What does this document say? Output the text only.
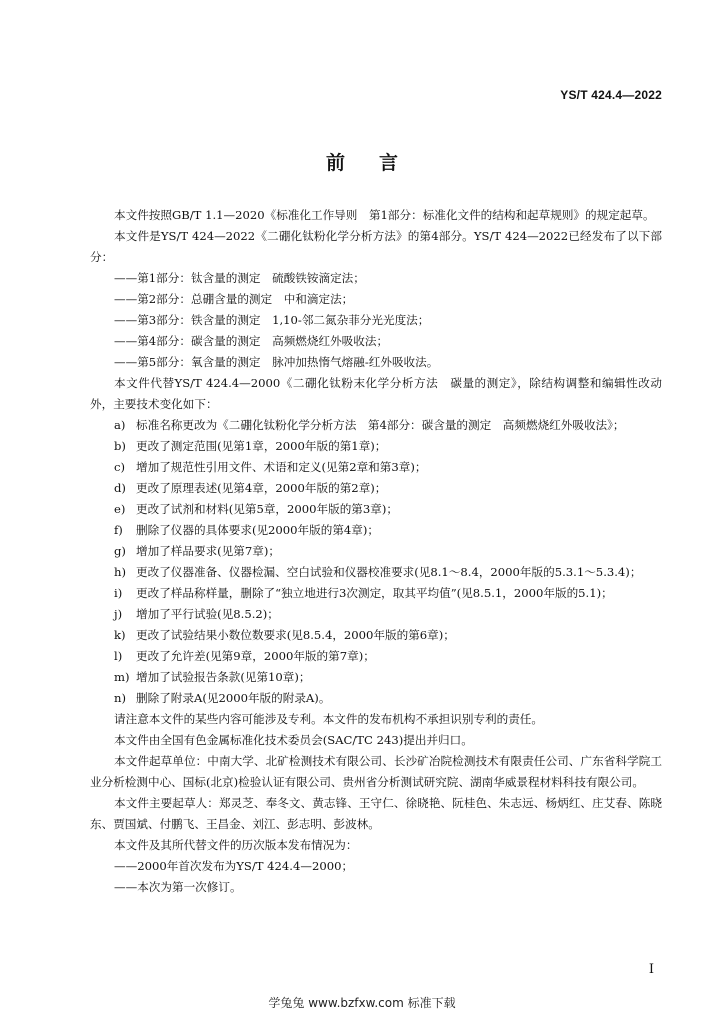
YS/T 424.4—2022
前言

本文件按照GB/T 1.1—2020《标准化工作导则　第1部分：标准化文件的结构和起草规则》的规定起草。

本文件是YS/T 424—2022《二硼化钛粉化学分析方法》的第4部分。YS/T 424—2022已经发布了以下部分：

——第1部分：钛含量的测定　硫酸铁铵滴定法；

——第2部分：总硼含量的测定　中和滴定法；

——第3部分：铁含量的测定　1,10-邻二氮杂菲分光光度法；

——第4部分：碳含量的测定　高频燃烧红外吸收法；

——第5部分：氧含量的测定　脉冲加热惰气熔融-红外吸收法。

本文件代替YS/T 424.4—2000《二硼化钛粉末化学分析方法　碳量的测定》，除结构调整和编辑性改动外，主要技术变化如下：

a) 标准名称更改为《二硼化钛粉化学分析方法　第4部分：碳含量的测定　高频燃烧红外吸收法》；
b) 更改了测定范围(见第1章，2000年版的第1章)；
c) 增加了规范性引用文件、术语和定义(见第2章和第3章)；
d) 更改了原理表述(见第4章，2000年版的第2章)；
e) 更改了试剂和材料(见第5章，2000年版的第3章)；
f)	删除了仪器的具体要求(见2000年版的第4章)；
g) 增加了样品要求(见第7章)；
h) 更改了仪器准备、仪器检漏、空白试验和仪器校准要求(见8.1～8.4，2000年版的5.3.1～5.3.4)；
i)	更改了样品称样量，删除了“独立地进行3次测定，取其平均值”(见8.5.1，2000年版的5.1)；
j)	增加了平行试验(见8.5.2)；
k) 更改了试验结果小数位数要求(见8.5.4，2000年版的第6章)；
l)	更改了允许差(见第9章，2000年版的第7章)；
m) 增加了试验报告条款(见第10章)；
n) 删除了附录A(见2000年版的附录A)。

请注意本文件的某些内容可能涉及专利。本文件的发布机构不承担识别专利的责任。

本文件由全国有色金属标准化技术委员会(SAC/TC 243)提出并归口。

本文件起草单位：中南大学、北矿检测技术有限公司、长沙矿冶院检测技术有限责任公司、广东省科学院工业分析检测中心、国标(北京)检验认证有限公司、贵州省分析测试研究院、湖南华威景程材料科技有限公司。

本文件主要起草人：郑灵芝、奉冬文、黄志锋、王守仁、徐晓艳、阮桂色、朱志远、杨炳红、庄艾春、陈晓东、贾国斌、付鹏飞、王昌金、刘江、彭志明、彭波林。

本文件及其所代替文件的历次版本发布情况为：

——2000年首次发布为YS/T 424.4—2000；

——本次为第一次修订。

I
学兔兔 www.bzfxw.com 标准下载
